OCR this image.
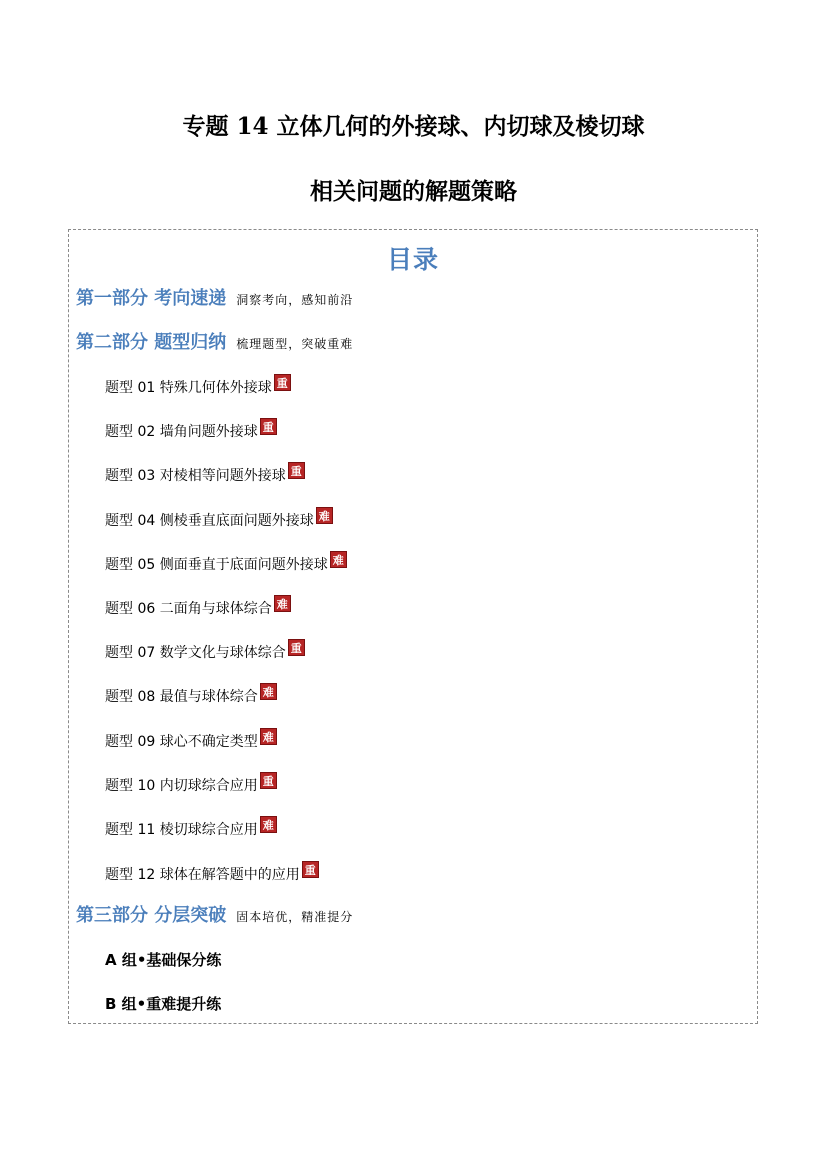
专题 14 立体几何的外接球、内切球及棱切球
相关问题的解题策略
目录
第一部分 考向速递 洞察考向，感知前沿
第二部分 题型归纳 梳理题型，突破重难
题型 01 特殊几何体外接球 重
题型 02 墙角问题外接球 重
题型 03 对棱相等问题外接球 重
题型 04 侧棱垂直底面问题外接球 难
题型 05 侧面垂直于底面问题外接球 难
题型 06 二面角与球体综合 难
题型 07 数学文化与球体综合 重
题型 08 最值与球体综合 难
题型 09 球心不确定类型 难
题型 10 内切球综合应用 重
题型 11 棱切球综合应用 难
题型 12 球体在解答题中的应用 重
第三部分 分层突破 固本培优，精准提分
A 组•基础保分练
B 组•重难提升练
